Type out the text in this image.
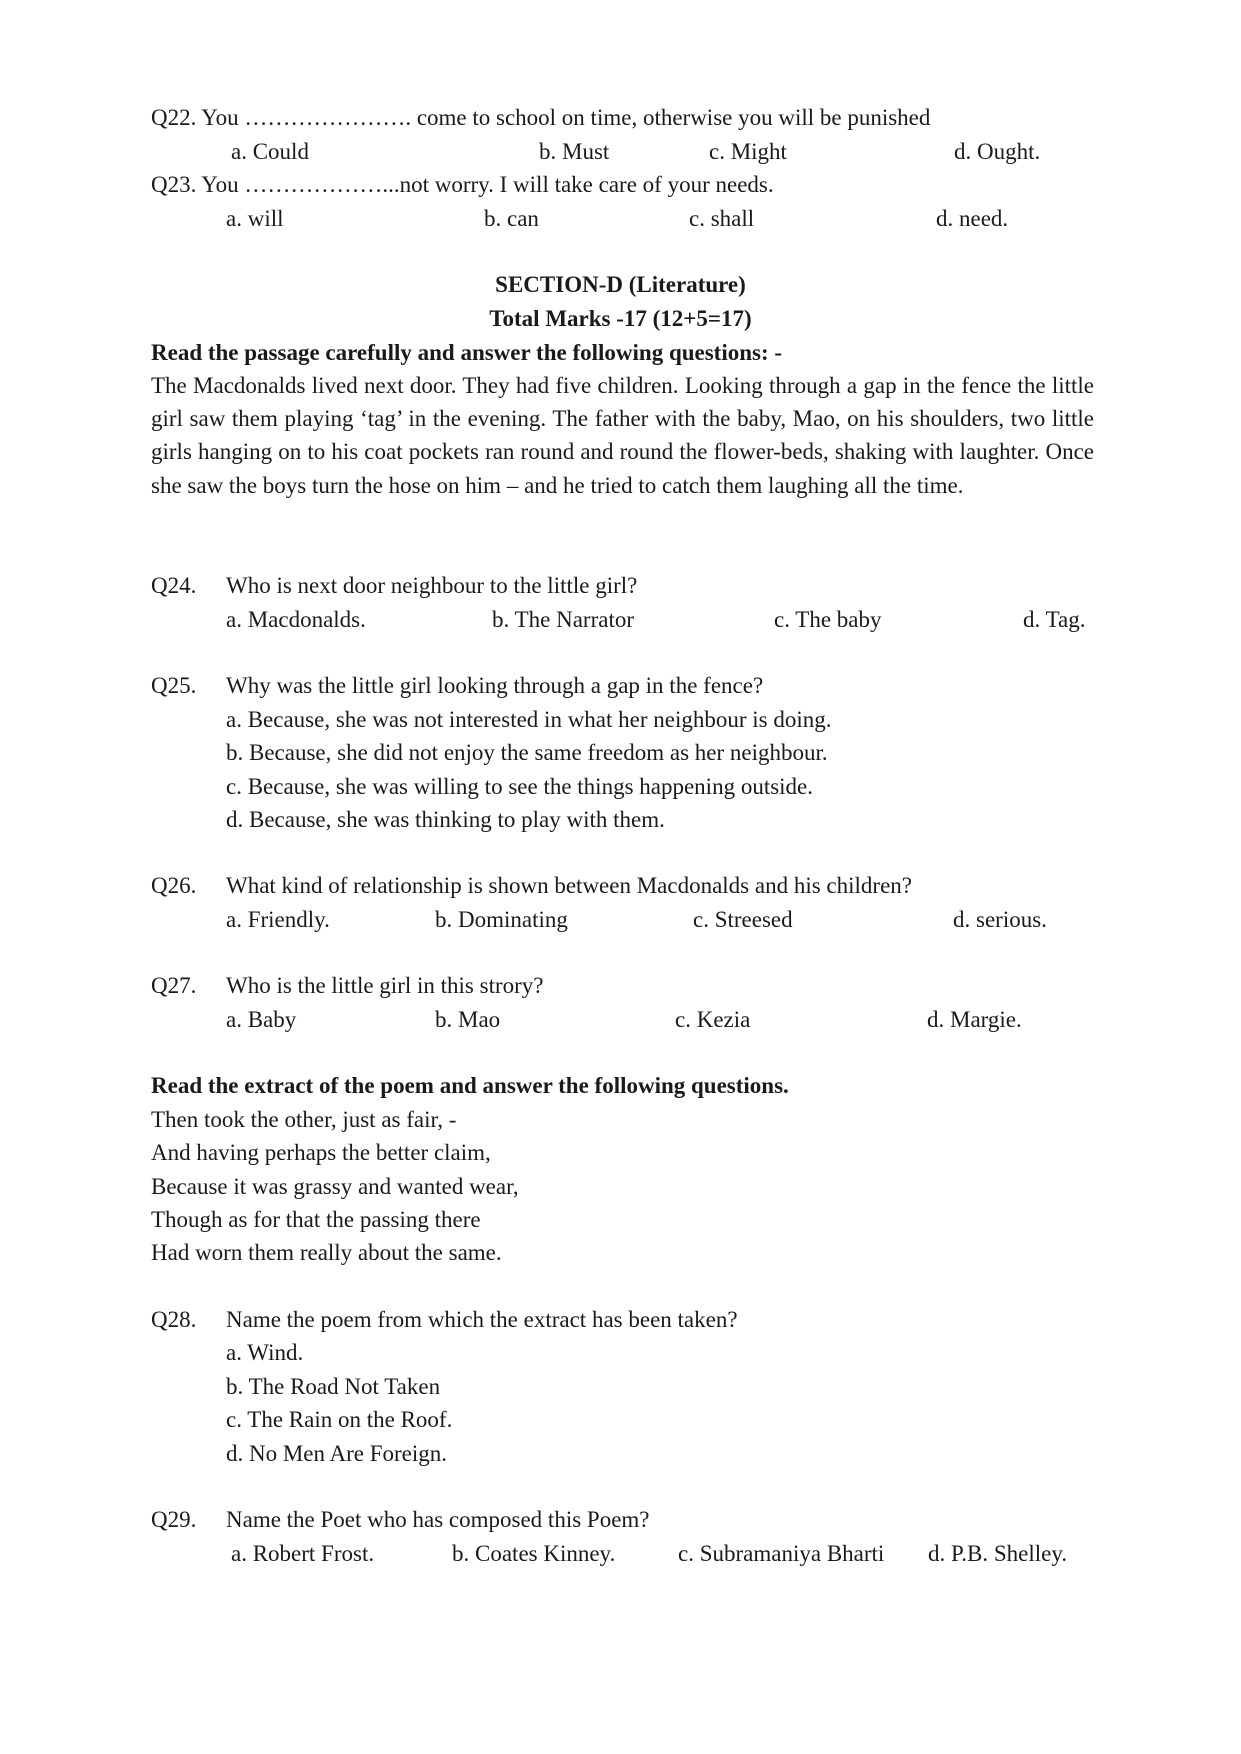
Q22. You …………………. come to school on time, otherwise you will be punished
a. Could	b. Must	c. Might	d. Ought.
Q23. You ………………...not worry. I will take care of your needs.
a. will	b. can	c. shall	d. need.
SECTION-D (Literature)
Total Marks -17 (12+5=17)
Read the passage carefully and answer the following questions: -
The Macdonalds lived next door. They had five children. Looking through a gap in the fence the little girl saw them playing ‘tag’ in the evening. The father with the baby, Mao, on his shoulders, two little girls hanging on to his coat pockets ran round and round the flower-beds, shaking with laughter. Once she saw the boys turn the hose on him – and he tried to catch them laughing all the time.
Q24. Who is next door neighbour to the little girl?
a. Macdonalds.	b. The Narrator	c. The baby	d. Tag.
Q25. Why was the little girl looking through a gap in the fence?
a. Because, she was not interested in what her neighbour is doing.
b. Because, she did not enjoy the same freedom as her neighbour.
c. Because, she was willing to see the things happening outside.
d. Because, she was thinking to play with them.
Q26. What kind of relationship is shown between Macdonalds and his children?
a. Friendly.	b. Dominating	c. Streesed	d. serious.
Q27. Who is the little girl in this strory?
a. Baby	b. Mao	c. Kezia	d. Margie.
Read the extract of the poem and answer the following questions.
Then took the other, just as fair, -
And having perhaps the better claim,
Because it was grassy and wanted wear,
Though as for that the passing there
Had worn them really about the same.
Q28. Name the poem from which the extract has been taken?
a. Wind.
b. The Road Not Taken
c. The Rain on the Roof.
d. No Men Are Foreign.
Q29. Name the Poet who has composed this Poem?
a. Robert Frost.	b. Coates Kinney.	c. Subramaniya Bharti d. P.B. Shelley.
